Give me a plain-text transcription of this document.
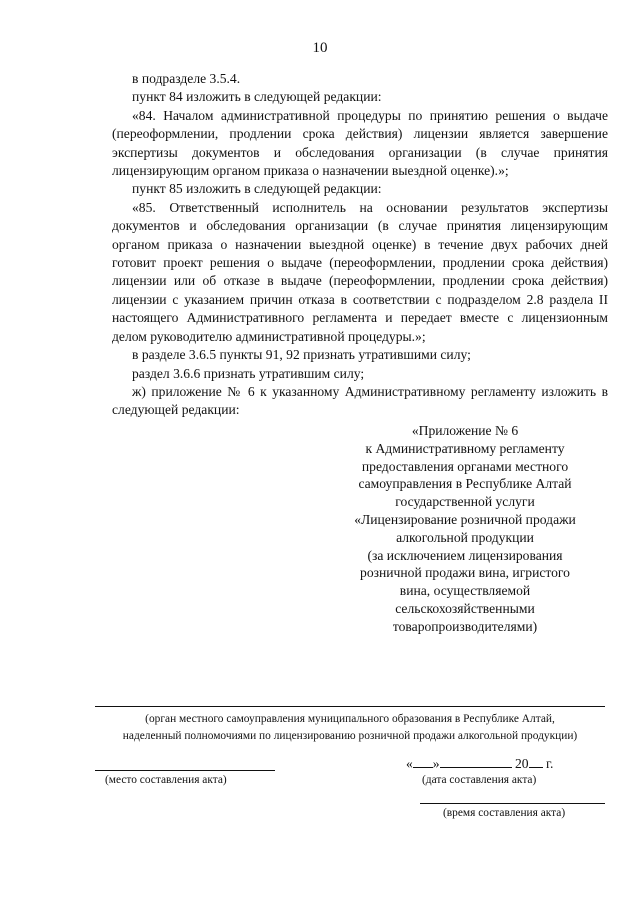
10

в подразделе 3.5.4.

пункт 84 изложить в следующей редакции:

«84. Началом административной процедуры по принятию решения о выдаче (переоформлении, продлении срока действия) лицензии является завершение экспертизы документов и обследования организации (в случае принятия лицензирующим органом приказа о назначении выездной оценке).»;

пункт 85 изложить в следующей редакции:

«85. Ответственный исполнитель на основании результатов экспертизы документов и обследования организации (в случае принятия лицензирующим органом приказа о назначении выездной оценке) в течение двух рабочих дней готовит проект решения о выдаче (переоформлении, продлении срока действия) лицензии или об отказе в выдаче (переоформлении, продлении срока действия) лицензии с указанием причин отказа в соответствии с подразделом 2.8 раздела II настоящего Административного регламента и передает вместе с лицензионным делом руководителю административной процедуры.»;

в разделе 3.6.5 пункты 91, 92 признать утратившими силу;

раздел 3.6.6 признать утратившим силу;

ж) приложение № 6 к указанному Административному регламенту изложить в следующей редакции:

«Приложение № 6
к Административному регламенту
предоставления органами местного
самоуправления в Республике Алтай
государственной услуги
«Лицензирование розничной продажи
алкогольной продукции
(за исключением лицензирования
розничной продажи вина, игристого
вина, осуществляемой
сельскохозяйственными
товаропроизводителями)
(орган местного самоуправления муниципального образования в Республике Алтай,
наделенный полномочиями по лицензированию розничной продажи алкогольной продукции)
(место составления акта)
« »	20 г.
(дата составления акта)
(время составления акта)
